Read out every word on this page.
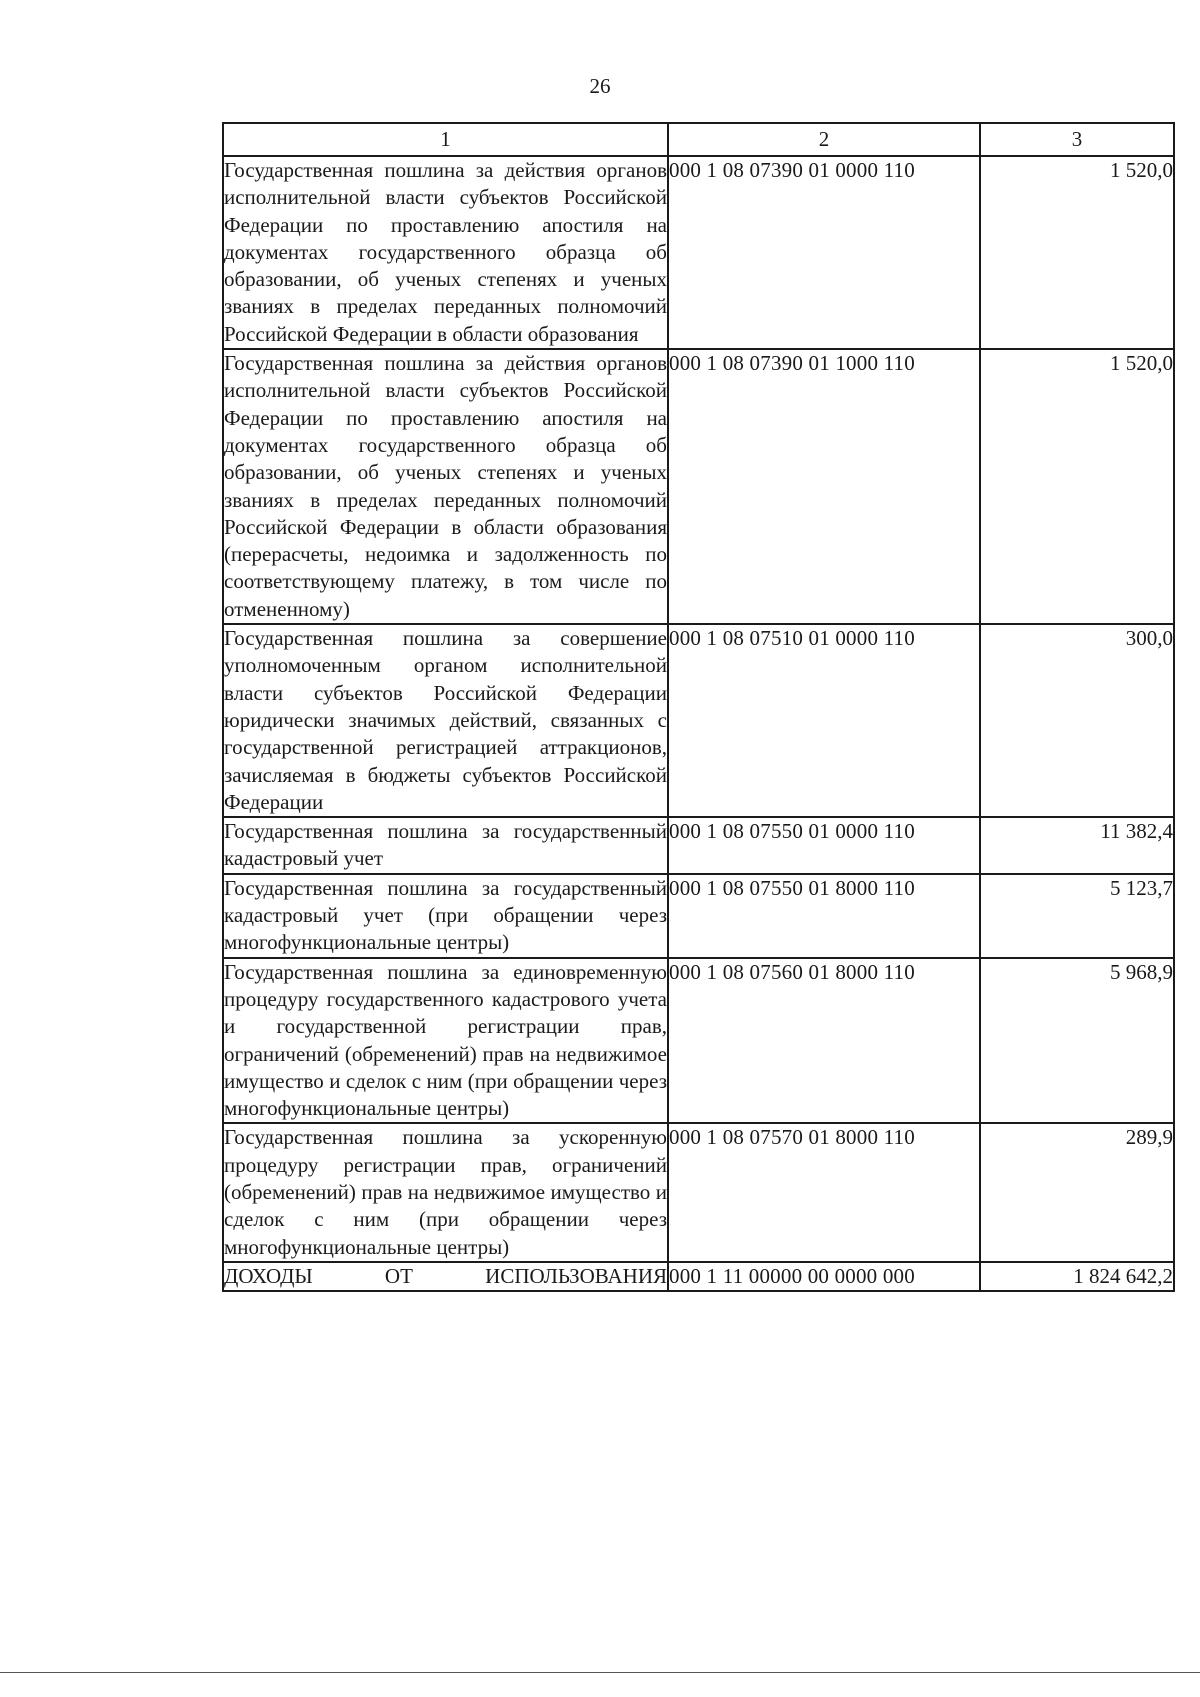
26
1	2	3
Государственная пошлина за действия органов исполнительной власти субъектов Российской Федерации по проставлению апостиля на документах государственного образца об образовании, об ученых степенях и ученых званиях в пределах переданных полномочий Российской Федерации в области образования	000 1 08 07390 01 0000 110	1 520,0
Государственная пошлина за действия органов исполнительной власти субъектов Российской Федерации по проставлению апостиля на документах государственного образца об образовании, об ученых степенях и ученых званиях в пределах переданных полномочий Российской Федерации в области образования (перерасчеты, недоимка и задолженность по соответствующему платежу, в том числе по отмененному)	000 1 08 07390 01 1000 110	1 520,0
Государственная пошлина за совершение уполномоченным органом исполнительной власти субъектов Российской Федерации юридически значимых действий, связанных с государственной регистрацией аттракционов, зачисляемая в бюджеты субъектов Российской Федерации	000 1 08 07510 01 0000 110	300,0
Государственная пошлина за государственный кадастровый учет	000 1 08 07550 01 0000 110	11 382,4
Государственная пошлина за государственный кадастровый учет (при обращении через многофункциональные центры)	000 1 08 07550 01 8000 110	5 123,7
Государственная пошлина за единовременную процедуру государственного кадастрового учета и государственной регистрации прав, ограничений (обременений) прав на недвижимое имущество и сделок с ним (при обращении через многофункциональные центры)	000 1 08 07560 01 8000 110	5 968,9
Государственная пошлина за ускоренную процедуру регистрации прав, ограничений (обременений) прав на недвижимое имущество и сделок с ним (при обращении через многофункциональные центры)	000 1 08 07570 01 8000 110	289,9
ДОХОДЫ ОТ ИСПОЛЬЗОВАНИЯ	000 1 11 00000 00 0000 000	1 824 642,2
